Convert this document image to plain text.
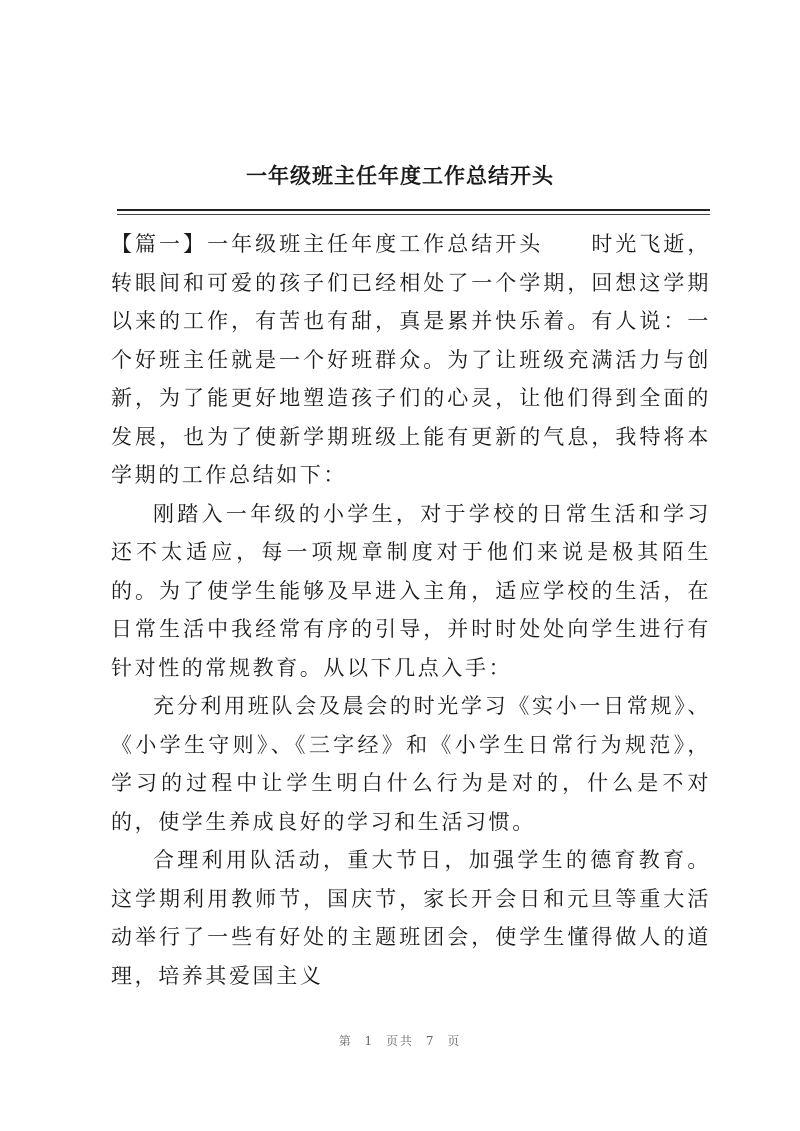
一年级班主任年度工作总结开头

【篇一】一年级班主任年度工作总结开头　　时光飞逝，转眼间和可爱的孩子们已经相处了一个学期，回想这学期以来的工作，有苦也有甜，真是累并快乐着。有人说：一个好班主任就是一个好班群众。为了让班级充满活力与创新，为了能更好地塑造孩子们的心灵，让他们得到全面的发展，也为了使新学期班级上能有更新的气息，我特将本学期的工作总结如下：

刚踏入一年级的小学生，对于学校的日常生活和学习还不太适应，每一项规章制度对于他们来说是极其陌生的。为了使学生能够及早进入主角，适应学校的生活，在日常生活中我经常有序的引导，并时时处处向学生进行有针对性的常规教育。从以下几点入手：

充分利用班队会及晨会的时光学习《实小一日常规》、《小学生守则》、《三字经》和《小学生日常行为规范》，学习的过程中让学生明白什么行为是对的，什么是不对的，使学生养成良好的学习和生活习惯。

合理利用队活动，重大节日，加强学生的德育教育。这学期利用教师节，国庆节，家长开会日和元旦等重大活动举行了一些有好处的主题班团会，使学生懂得做人的道理，培养其爱国主义

第 1 页共 7 页
